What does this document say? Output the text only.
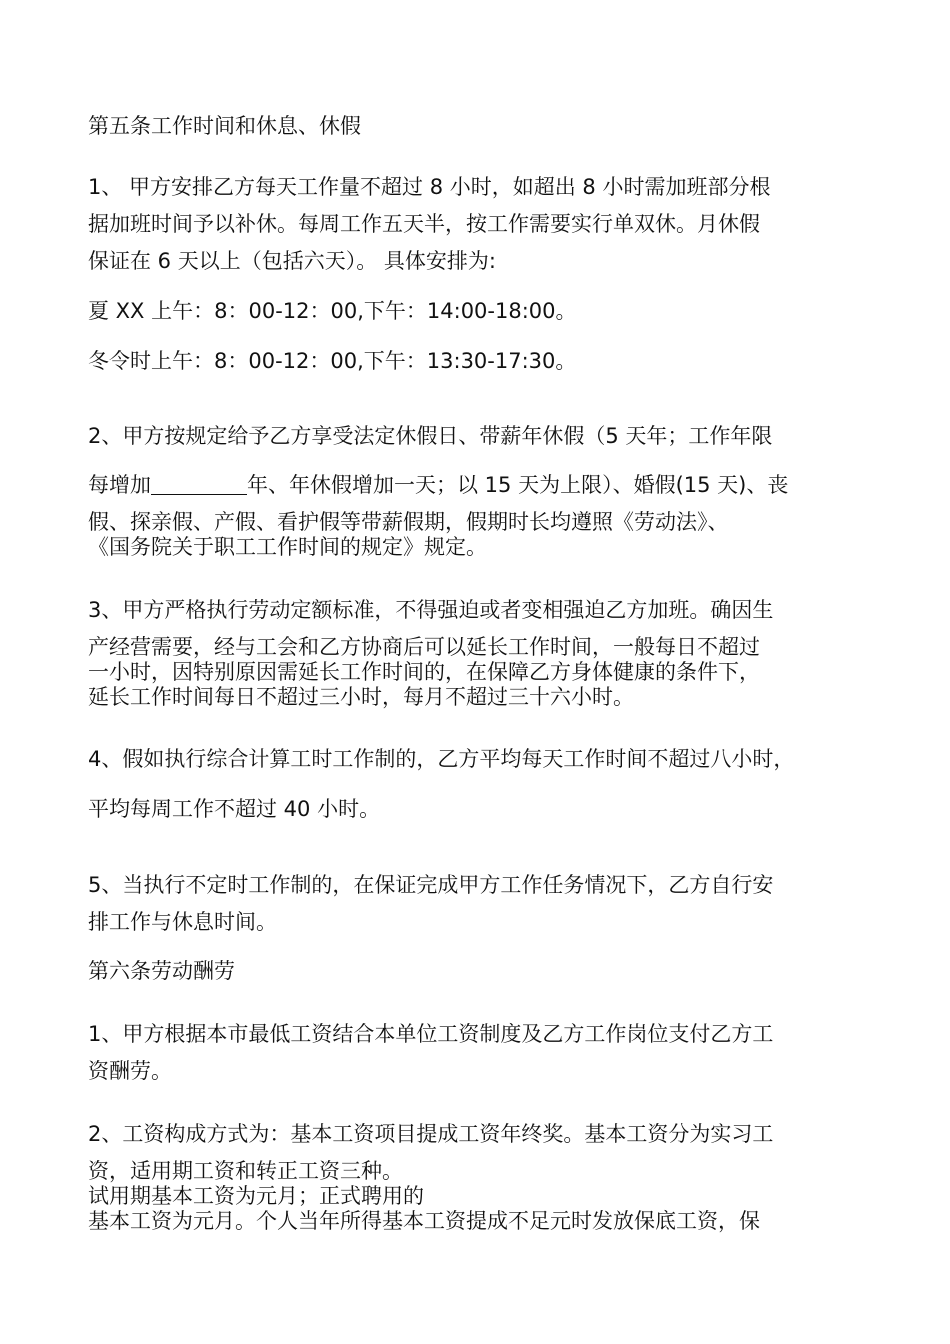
第五条工作时间和休息、休假

1、 甲方安排乙方每天工作量不超过 8 小时，如超出 8 小时需加班部分根

据加班时间予以补休。每周工作五天半，按工作需要实行单双休。月休假

保证在 6 天以上（包括六天）。 具体安排为:

夏 XX 上午：8：00-12：00,下午：14:00-18:00。

冬令时上午：8：00-12：00,下午：13:30-17:30。

2、甲方按规定给予乙方享受法定休假日、带薪年休假（5 天年；工作年限

每增加	年、年休假增加一天；以 15 天为上限）、婚假(15 天)、丧

假、探亲假、产假、看护假等带薪假期，假期时长均遵照《劳动法》、

《国务院关于职工工作时间的规定》规定。

3、甲方严格执行劳动定额标准，不得强迫或者变相强迫乙方加班。确因生

产经营需要，经与工会和乙方协商后可以延长工作时间，一般每日不超过

一小时，因特别原因需延长工作时间的，在保障乙方身体健康的条件下，

延长工作时间每日不超过三小时，每月不超过三十六小时。

4、假如执行综合计算工时工作制的，乙方平均每天工作时间不超过八小时，

平均每周工作不超过 40 小时。

5、当执行不定时工作制的，在保证完成甲方工作任务情况下，乙方自行安

排工作与休息时间。

第六条劳动酬劳

1、甲方根据本市最低工资结合本单位工资制度及乙方工作岗位支付乙方工

资酬劳。

2、工资构成方式为：基本工资项目提成工资年终奖。基本工资分为实习工

资，适用期工资和转正工资三种。

试用期基本工资为元月；正式聘用的

基本工资为元月。个人当年所得基本工资提成不足元时发放保底工资，保
